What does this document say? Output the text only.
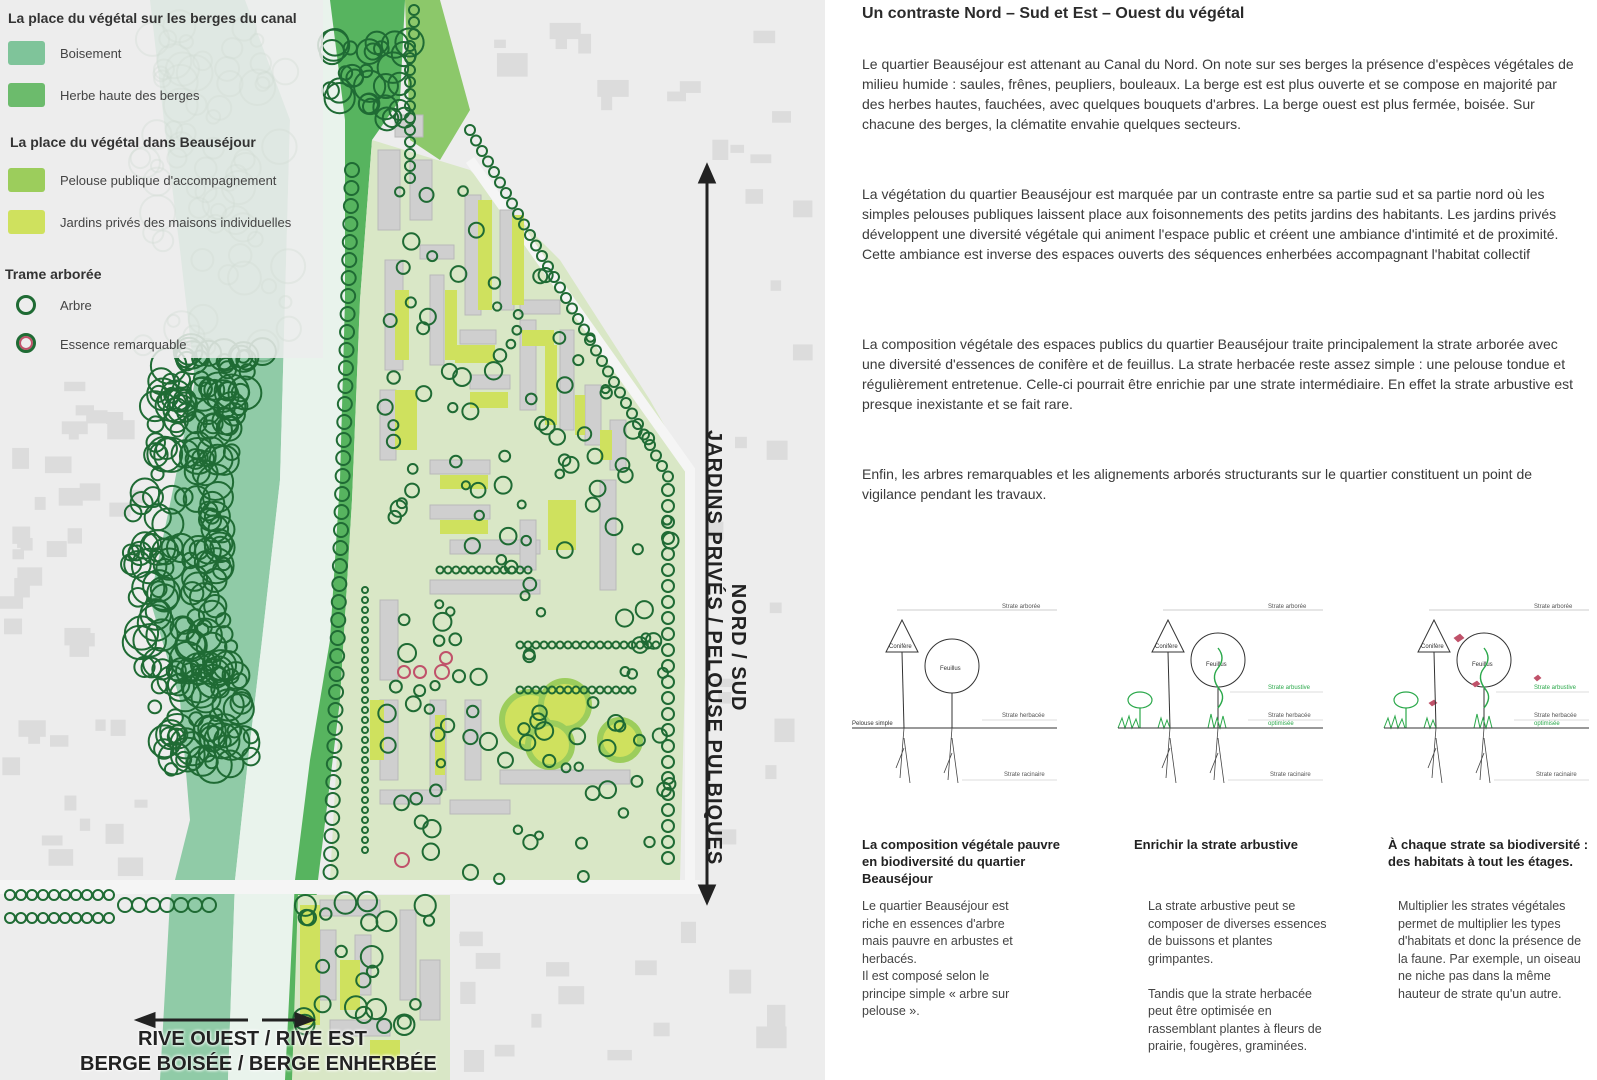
La place du végétal sur les berges du canal
Boisement
Herbe haute des berges
La place du végétal dans Beauséjour
Pelouse publique d'accompagnement
Jardins privés des maisons individuelles
Trame arborée
Arbre
Essence remarquable
NORD / SUD
JARDINS PRIVÉS / PELOUSE PULBIQUES
RIVE OUEST / RIVE EST
BERGE BOISÉE / BERGE ENHERBÉE
Un contraste Nord – Sud et Est – Ouest du végétal

Le quartier Beauséjour est attenant au Canal du Nord. On note sur ses berges la présence d'espèces végétales de milieu humide : saules, frênes, peupliers, bouleaux. La berge est est plus ouverte et se compose en majorité par des herbes hautes, fauchées, avec quelques bouquets d'arbres. La berge ouest est plus fermée, boisée. Sur chacune des berges, la clématite envahie quelques secteurs.

La végétation du quartier Beauséjour est marquée par un contraste entre sa partie sud et sa partie nord où les simples pelouses publiques laissent place aux foisonnements des petits jardins des habitants. Les jardins privés développent une diversité végétale qui animent l'espace public et créent une ambiance d'intimité et de proximité. Cette ambiance est inverse des espaces ouverts des séquences enherbées accompagnant l'habitat collectif

La composition végétale des espaces publics du quartier Beauséjour traite principalement la strate arborée avec une diversité d'essences de conifère et de feuillus. La strate herbacée reste assez simple : une pelouse tondue et régulièrement entretenue. Celle-ci pourrait être enrichie par une strate intermédiaire. En effet la strate arbustive est presque inexistante et se fait rare.

Enfin, les arbres remarquables et les alignements arborés structurants sur le quartier constituent un point de vigilance pendant les travaux.

Strate arborée
Conifère
Feuillus
Pelouse simple
Strate herbacée
Strate racinaire
Strate arborée
Conifère
Feuillus
Strate arbustive
Strate herbacée
optimisée
Strate racinaire
Strate arborée
Conifère
Feuillus
Strate arbustive
Strate herbacée
optimisée
Strate racinaire
La composition végétale pauvre en biodiversité du quartier Beauséjour

Le quartier Beauséjour est riche en essences d'arbre mais pauvre en arbustes et herbacés.
Il est composé selon le principe simple « arbre sur pelouse ».

Enrichir la strate arbustive

La strate arbustive peut se composer de diverses essences de buissons et plantes grimpantes.

Tandis que la strate herbacée peut être optimisée en rassemblant plantes à fleurs de prairie, fougères, graminées.

À chaque strate sa biodiversité : des habitats à tout les étages.

Multiplier les strates végétales permet de multiplier les types d'habitats et donc la présence de la faune. Par exemple, un oiseau ne niche pas dans la même hauteur de strate qu'un autre.
